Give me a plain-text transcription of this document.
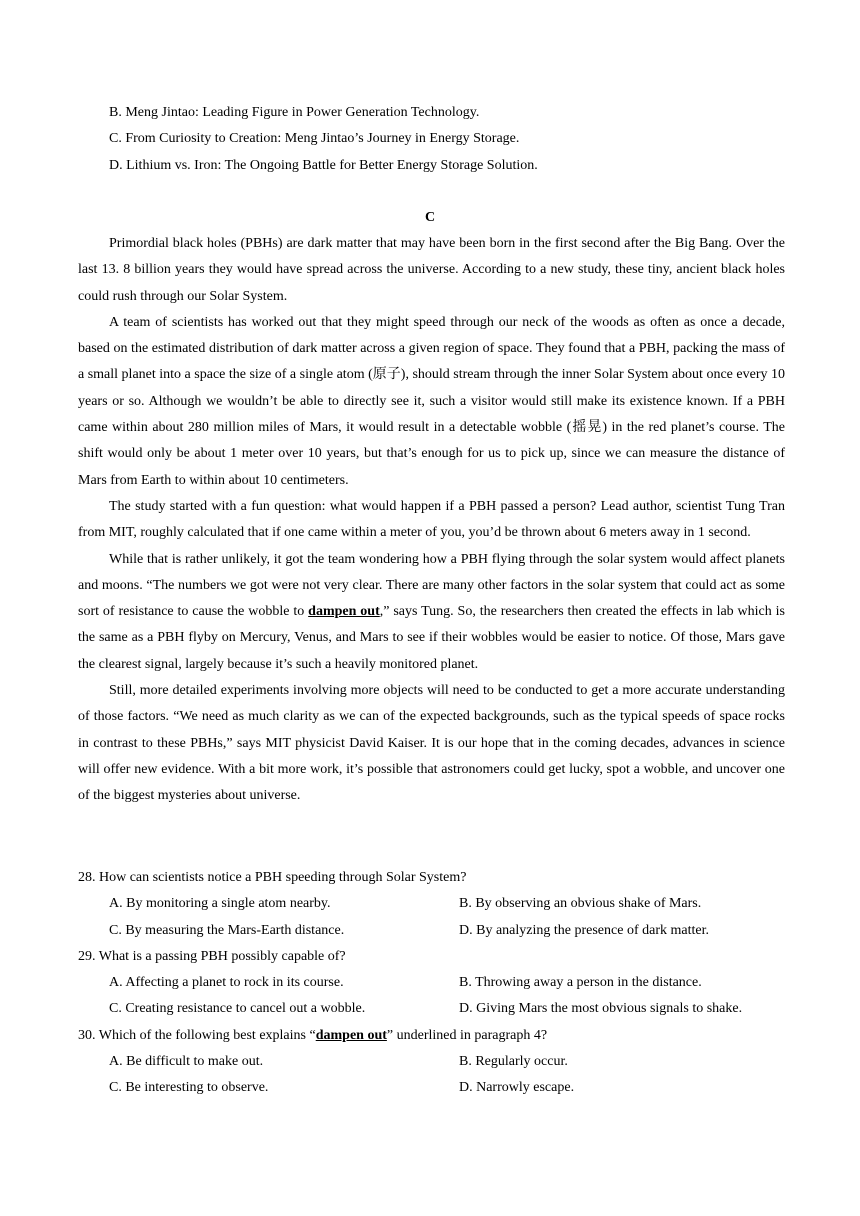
B. Meng Jintao: Leading Figure in Power Generation Technology.
C. From Curiosity to Creation: Meng Jintao’s Journey in Energy Storage.
D. Lithium vs. Iron: The Ongoing Battle for Better Energy Storage Solution.
C

Primordial black holes (PBHs) are dark matter that may have been born in the first second after the Big Bang. Over the last 13. 8 billion years they would have spread across the universe. According to a new study, these tiny, ancient black holes could rush through our Solar System.

A team of scientists has worked out that they might speed through our neck of the woods as often as once a decade, based on the estimated distribution of dark matter across a given region of space. They found that a PBH, packing the mass of a small planet into a space the size of a single atom (原子), should stream through the inner Solar System about once every 10 years or so. Although we wouldn’t be able to directly see it, such a visitor would still make its existence known. If a PBH came within about 280 million miles of Mars, it would result in a detectable wobble (摇晃) in the red planet’s course. The shift would only be about 1 meter over 10 years, but that’s enough for us to pick up, since we can measure the distance of Mars from Earth to within about 10 centimeters.

The study started with a fun question: what would happen if a PBH passed a person? Lead author, scientist Tung Tran from MIT, roughly calculated that if one came within a meter of you, you’d be thrown about 6 meters away in 1 second.

While that is rather unlikely, it got the team wondering how a PBH flying through the solar system would affect planets and moons. “The numbers we got were not very clear. There are many other factors in the solar system that could act as some sort of resistance to cause the wobble to dampen out,” says Tung. So, the researchers then created the effects in lab which is the same as a PBH flyby on Mercury, Venus, and Mars to see if their wobbles would be easier to notice. Of those, Mars gave the clearest signal, largely because it’s such a heavily monitored planet.

Still, more detailed experiments involving more objects will need to be conducted to get a more accurate understanding of those factors. “We need as much clarity as we can of the expected backgrounds, such as the typical speeds of space rocks in contrast to these PBHs,” says MIT physicist David Kaiser. It is our hope that in the coming decades, advances in science will offer new evidence. With a bit more work, it’s possible that astronomers could get lucky, spot a wobble, and uncover one of the biggest mysteries about universe.

28. How can scientists notice a PBH speeding through Solar System?
A. By monitoring a single atom nearby.	B. By observing an obvious shake of Mars.
C. By measuring the Mars-Earth distance.	D. By analyzing the presence of dark matter.
29. What is a passing PBH possibly capable of?
A. Affecting a planet to rock in its course.	B. Throwing away a person in the distance.
C. Creating resistance to cancel out a wobble.	D. Giving Mars the most obvious signals to shake.
30. Which of the following best explains “dampen out” underlined in paragraph 4?
A. Be difficult to make out.	B. Regularly occur.
C. Be interesting to observe.	D. Narrowly escape.
